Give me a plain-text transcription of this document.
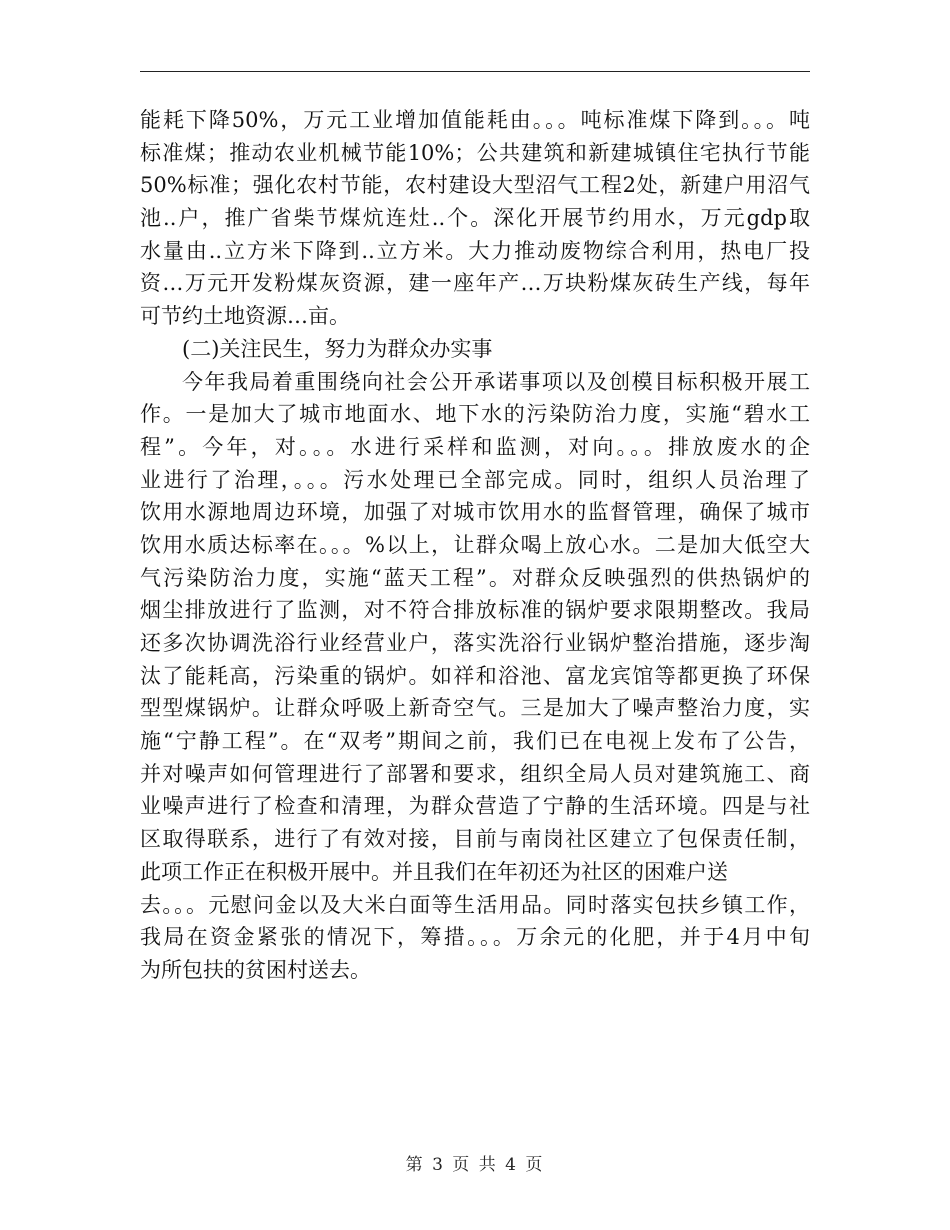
能耗下降50%，万元工业增加值能耗由。。。吨标准煤下降到。。。吨
标准煤；推动农业机械节能10%；公共建筑和新建城镇住宅执行节能
50%标准；强化农村节能，农村建设大型沼气工程2处，新建户用沼气
池..户，推广省柴节煤炕连灶..个。深化开展节约用水，万元gdp取
水量由..立方米下降到..立方米。大力推动废物综合利用，热电厂投
资…万元开发粉煤灰资源，建一座年产…万块粉煤灰砖生产线，每年
可节约土地资源…亩。
(二)关注民生，努力为群众办实事
今年我局着重围绕向社会公开承诺事项以及创模目标积极开展工
作。一是加大了城市地面水、地下水的污染防治力度，实施“碧水工
程”。今年，对。。。水进行采样和监测，对向。。。排放废水的企
业进行了治理，。。。污水处理已全部完成。同时，组织人员治理了
饮用水源地周边环境，加强了对城市饮用水的监督管理，确保了城市
饮用水质达标率在。。。%以上，让群众喝上放心水。二是加大低空大
气污染防治力度，实施“蓝天工程”。对群众反映强烈的供热锅炉的
烟尘排放进行了监测，对不符合排放标准的锅炉要求限期整改。我局
还多次协调洗浴行业经营业户，落实洗浴行业锅炉整治措施，逐步淘
汰了能耗高，污染重的锅炉。如祥和浴池、富龙宾馆等都更换了环保
型型煤锅炉。让群众呼吸上新奇空气。三是加大了噪声整治力度，实
施“宁静工程”。在“双考”期间之前，我们已在电视上发布了公告，
并对噪声如何管理进行了部署和要求，组织全局人员对建筑施工、商
业噪声进行了检查和清理，为群众营造了宁静的生活环境。四是与社
区取得联系，进行了有效对接，目前与南岗社区建立了包保责任制，
此项工作正在积极开展中。并且我们在年初还为社区的困难户送
去。。。元慰问金以及大米白面等生活用品。同时落实包扶乡镇工作，
我局在资金紧张的情况下，筹措。。。万余元的化肥，并于4月中旬
为所包扶的贫困村送去。
第 3 页 共 4 页
